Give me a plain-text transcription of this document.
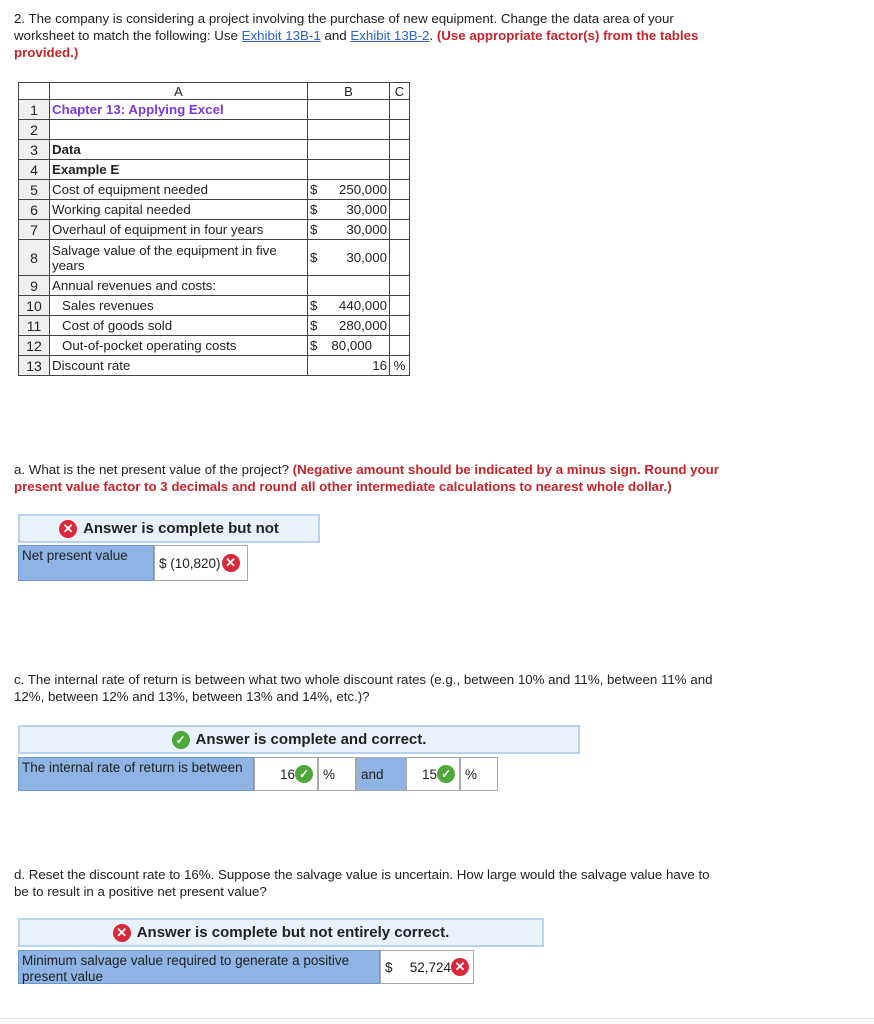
2. The company is considering a project involving the purchase of new equipment. Change the data area of your
worksheet to match the following: Use Exhibit 13B-1 and Exhibit 13B-2. (Use appropriate factor(s) from the tables
provided.)
	A	B	C
1	Chapter 13: Applying Excel		
2			
3	Data		
4	Example E		
5	Cost of equipment needed	$ 250,000	

6	Working capital needed	$ 30,000	

7	Overhaul of equipment in four years	$ 30,000	

8	Salvage value of the equipment in five years	$ 30,000	

9	Annual revenues and costs:		
10	Sales revenues	$ 440,000	

11	Cost of goods sold	$ 280,000	

12	Out-of-pocket operating costs	$ 80,000	

13	Discount rate	16	%
a. What is the net present value of the project? (Negative amount should be indicated by a minus sign. Round your
present value factor to 3 decimals and round all other intermediate calculations to nearest whole dollar.)
✕ Answer is complete but not
Net present value	$ (10,820) ✕
c. The internal rate of return is between what two whole discount rates (e.g., between 10% and 11%, between 11% and
12%, between 12% and 13%, between 13% and 14%, etc.)?
✓ Answer is complete and correct.
The internal rate of return is between	16 ✓	%	and	15 ✓	%
d. Reset the discount rate to 16%. Suppose the salvage value is uncertain. How large would the salvage value have to
be to result in a positive net present value?
✕ Answer is complete but not entirely correct.
Minimum salvage value required to generate a positive present value
$ 52,724 ✕
